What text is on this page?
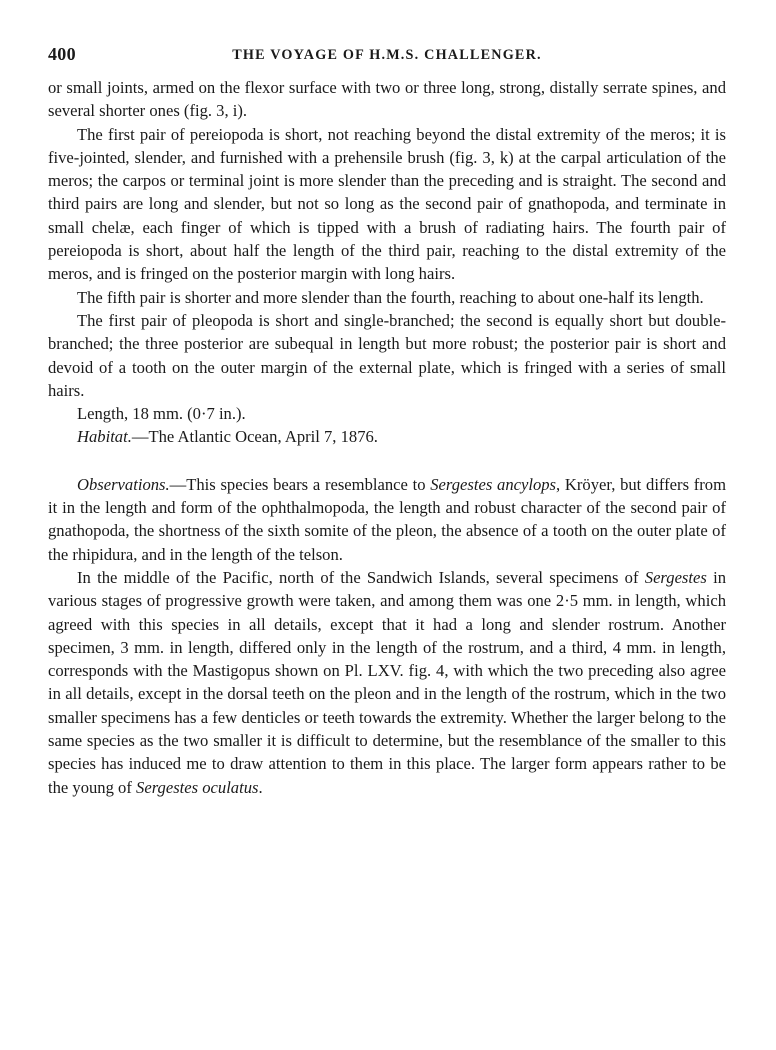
400	THE VOYAGE OF H.M.S. CHALLENGER.

or small joints, armed on the flexor surface with two or three long, strong, distally serrate spines, and several shorter ones (fig. 3, i).

The first pair of pereiopoda is short, not reaching beyond the distal extremity of the meros; it is five-jointed, slender, and furnished with a prehensile brush (fig. 3, k) at the carpal articulation of the meros; the carpos or terminal joint is more slender than the preceding and is straight. The second and third pairs are long and slender, but not so long as the second pair of gnathopoda, and terminate in small chelæ, each finger of which is tipped with a brush of radiating hairs. The fourth pair of pereiopoda is short, about half the length of the third pair, reaching to the distal extremity of the meros, and is fringed on the posterior margin with long hairs.

The fifth pair is shorter and more slender than the fourth, reaching to about one-half its length.

The first pair of pleopoda is short and single-branched; the second is equally short but double-branched; the three posterior are subequal in length but more robust; the posterior pair is short and devoid of a tooth on the outer margin of the external plate, which is fringed with a series of small hairs.

Length, 18 mm. (0·7 in.).

Habitat.—The Atlantic Ocean, April 7, 1876.

Observations.—This species bears a resemblance to Sergestes ancylops, Kröyer, but differs from it in the length and form of the ophthalmopoda, the length and robust character of the second pair of gnathopoda, the shortness of the sixth somite of the pleon, the absence of a tooth on the outer plate of the rhipidura, and in the length of the telson.

In the middle of the Pacific, north of the Sandwich Islands, several specimens of Sergestes in various stages of progressive growth were taken, and among them was one 2·5 mm. in length, which agreed with this species in all details, except that it had a long and slender rostrum. Another specimen, 3 mm. in length, differed only in the length of the rostrum, and a third, 4 mm. in length, corresponds with the Mastigopus shown on Pl. LXV. fig. 4, with which the two preceding also agree in all details, except in the dorsal teeth on the pleon and in the length of the rostrum, which in the two smaller specimens has a few denticles or teeth towards the extremity. Whether the larger belong to the same species as the two smaller it is difficult to determine, but the resemblance of the smaller to this species has induced me to draw attention to them in this place. The larger form appears rather to be the young of Sergestes oculatus.
